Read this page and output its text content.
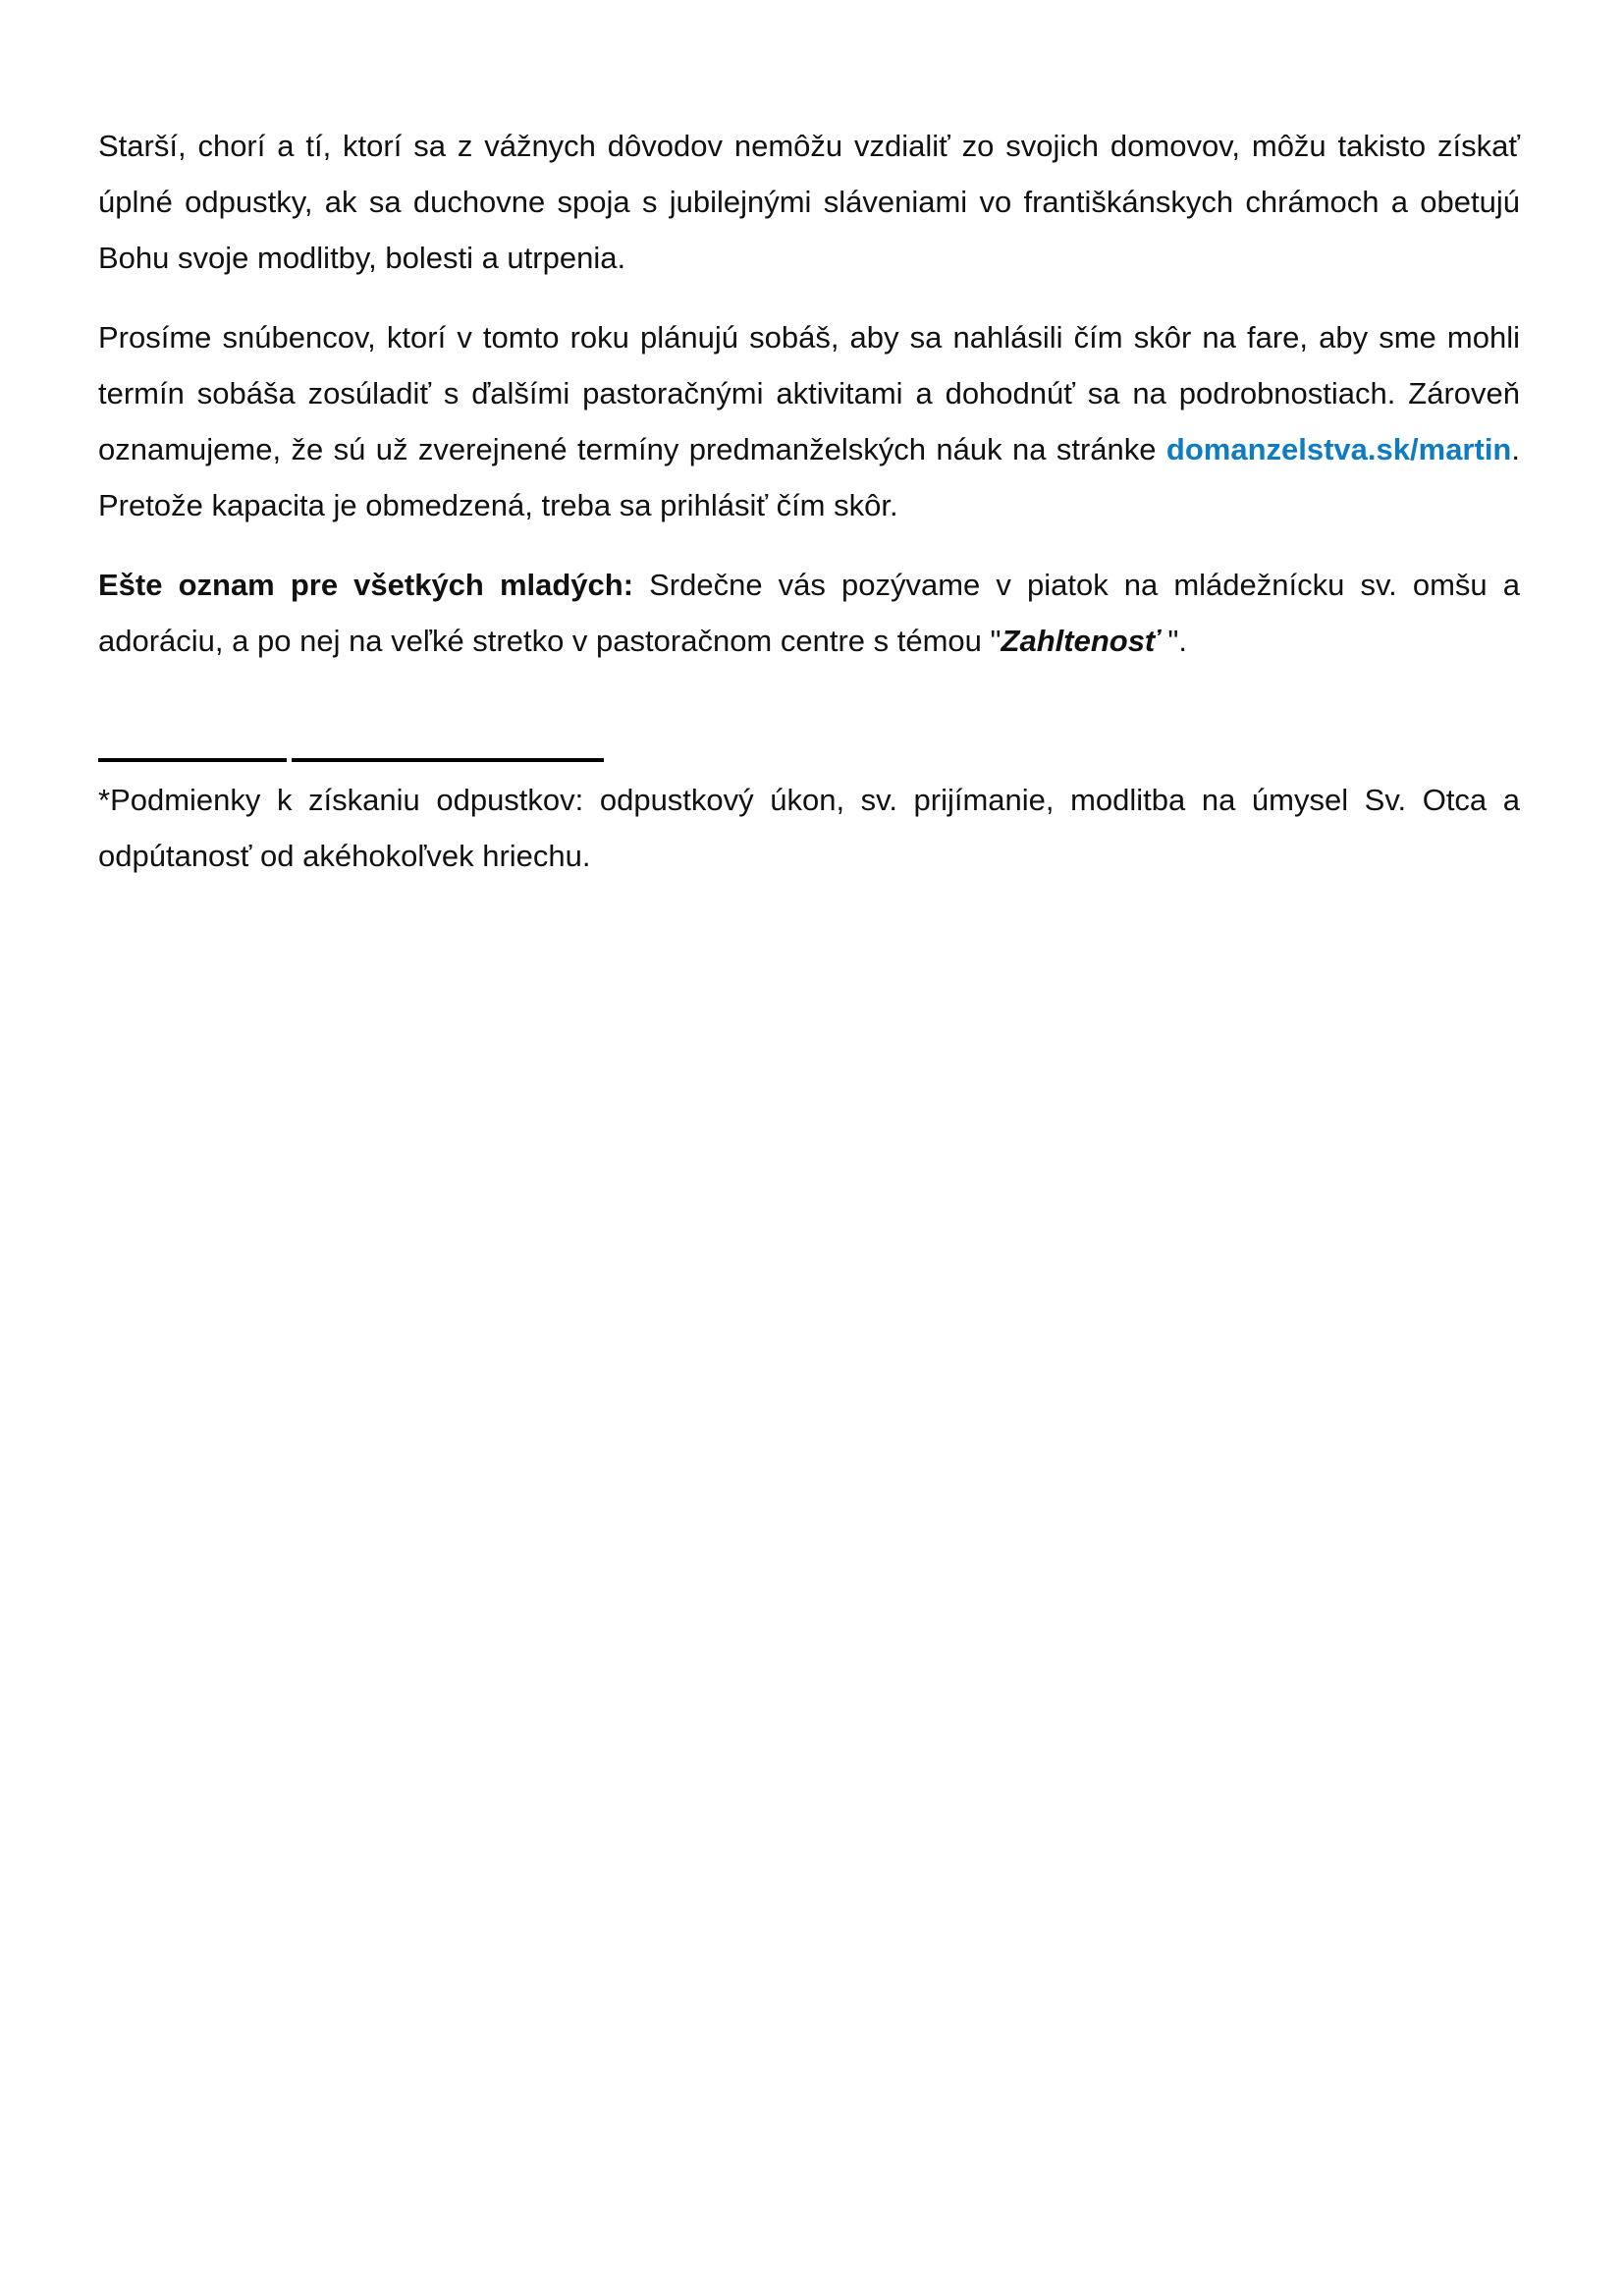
Starší, chorí a tí, ktorí sa z vážnych dôvodov nemôžu vzdialiť zo svojich domovov, môžu takisto získať úplné odpustky, ak sa duchovne spoja s jubilejnými sláveniami vo františkánskych chrámoch a obetujú Bohu svoje modlitby, bolesti a utrpenia.

Prosíme snúbencov, ktorí v tomto roku plánujú sobáš, aby sa nahlásili čím skôr na fare, aby sme mohli termín sobáša zosúladiť s ďalšími pastoračnými aktivitami a dohodnúť sa na podrobnostiach. Zároveň oznamujeme, že sú už zverejnené termíny predmanželských náuk na stránke domanzelstva.sk/martin. Pretože kapacita je obmedzená, treba sa prihlásiť čím skôr.

Ešte oznam pre všetkých mladých: Srdečne vás pozývame v piatok na mládežnícku sv. omšu a adoráciu, a po nej na veľké stretko v pastoračnom centre s témou "Zahltenosť ".

*Podmienky k získaniu odpustkov: odpustkový úkon, sv. prijímanie, modlitba na úmysel Sv. Otca a odpútanosť od akéhokoľvek hriechu.
